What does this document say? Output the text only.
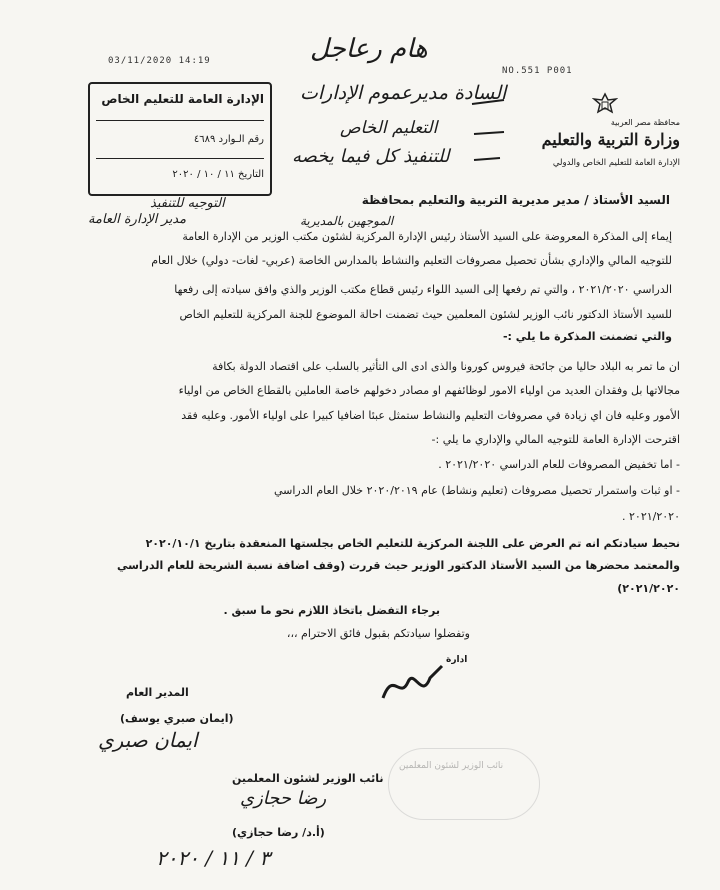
03/11/2020 14:19
NO.551 P001
الإدارة العامة للتعليم الخاص
رقم الـوارد ٤٦٨٩
التاريخ ١١ / ١٠ / ٢٠٢٠
محافظة مصر العربية
وزارة التربية والتعليم
الإدارة العامة للتعليم الخاص والدولي
هام رعاجل
السادة مديرعموم الإدارات
التعليم الخاص
للتنفيذ كل فيما يخصه
الموجهين بالمديرية
التوجيه للتنفيذ
مدير الإدارة العامة
السيد الأستاذ / مدير مديرية التربية والتعليم بمحافظة
إيماء إلى المذكرة المعروضة على السيد الأستاذ رئيس الإدارة المركزية لشئون مكتب الوزير من الإدارة العامة
للتوجيه المالي والإداري بشأن تحصيل مصروفات التعليم والنشاط بالمدارس الخاصة (عربي- لغات- دولي) خلال العام
الدراسي ٢٠٢١/٢٠٢٠ ، والتي تم رفعها إلى السيد اللواء رئيس قطاع مكتب الوزير والذي وافق سيادته إلى رفعها
للسيد الأستاذ الدكتور نائب الوزير لشئون المعلمين حيث تضمنت احالة الموضوع للجنة المركزية للتعليم الخاص
والتي تضمنت المذكرة ما يلي :-
ان ما تمر به البلاد حاليا من جائحة فيروس كورونا والذى ادى الى التأثير بالسلب على اقتصاد الدولة بكافة
مجالاتها بل وفقدان العديد من اولياء الامور لوظائفهم او مصادر دخولهم خاصة العاملين بالقطاع الخاص من اولياء
الأمور وعليه فان اي زيادة في مصروفات التعليم والنشاط ستمثل عبئا اضافيا كبيرا على اولياء الأمور. وعليه فقد
اقترحت الإدارة العامة للتوجيه المالي والإداري ما يلي :-
- اما تخفيض المصروفات للعام الدراسي ٢٠٢١/٢٠٢٠ .
- او ثبات واستمرار تحصيل مصروفات (تعليم ونشاط) عام ٢٠٢٠/٢٠١٩ خلال العام الدراسي
٢٠٢١/٢٠٢٠ .
نحيط سيادتكم انه تم العرض على اللجنة المركزية للتعليم الخاص بجلستها المنعقدة بتاريخ ٢٠٢٠/١٠/١
والمعتمد محضرها من السيد الأستاذ الدكتور الوزير حيث قررت (وقف اضافة نسبة الشريحة للعام الدراسي
٢٠٢١/٢٠٢٠)
برجاء التفضل باتخاذ اللازم نحو ما سبق .
وتفضلوا سيادتكم بقبول فائق الاحترام ،،،
ادارة
المدير العام
(ايمان صبري يوسف)
ايمان صبري
نائب الوزير لشئون المعلمين
نائب الوزير لشئون المعلمين
رضا حجازي
(أ.د/ رضا حجازي)
٣ / ١١ / ٢٠٢٠
